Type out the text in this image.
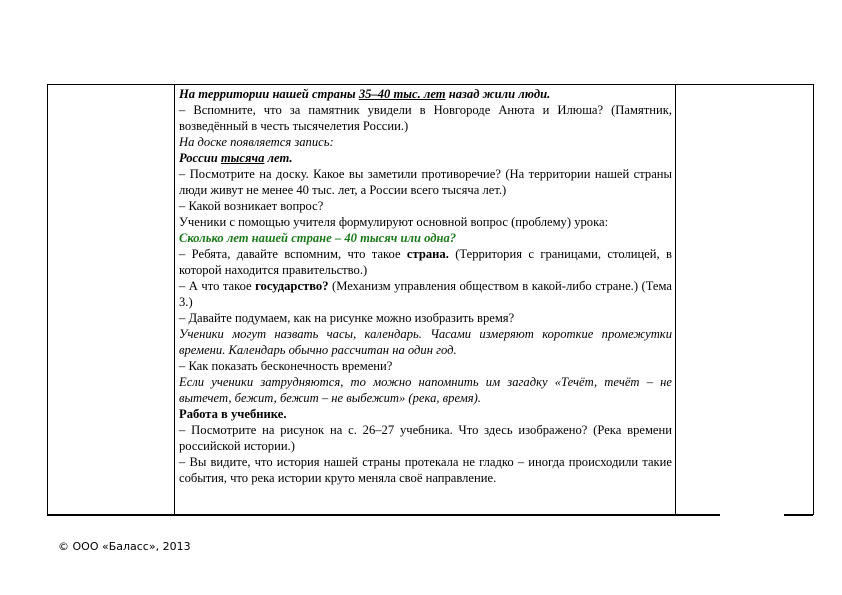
На территории нашей страны 35–40 тыс. лет назад жили люди.

– Вспомните, что за памятник увидели в Новгороде Анюта и Илюша? (Памятник, возведённый в честь тысячелетия России.)

На доске появляется запись:

России тысяча лет.

– Посмотрите на доску. Какое вы заметили противоречие? (На территории нашей страны люди живут не менее 40 тыс. лет, а России всего тысяча лет.)

– Какой возникает вопрос?

Ученики с помощью учителя формулируют основной вопрос (проблему) урока:

Сколько лет нашей стране – 40 тысяч или одна?

– Ребята, давайте вспомним, что такое страна. (Территория с границами, столицей, в которой находится правительство.)

– А что такое государство? (Механизм управления обществом в какой-либо стране.) (Тема 3.)

– Давайте подумаем, как на рисунке можно изобразить время?

Ученики могут назвать часы, календарь. Часами измеряют короткие промежутки времени. Календарь обычно рассчитан на один год.

– Как показать бесконечность времени?

Если ученики затрудняются, то можно напомнить им загадку «Течёт, течёт – не вытечет, бежит, бежит – не выбежит» (река, время).

Работа в учебнике.

– Посмотрите на рисунок на с. 26–27 учебника. Что здесь изображено? (Река времени российской истории.)

– Вы видите, что история нашей страны протекала не гладко – иногда происходили такие события, что река истории круто меняла своё направление.

© ООО «Баласс», 2013
